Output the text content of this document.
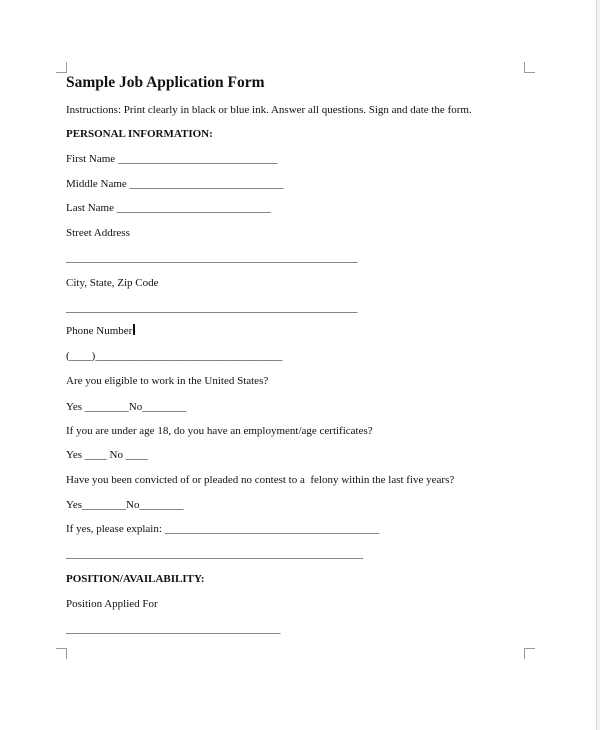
Sample Job Application Form
Instructions: Print clearly in black or blue ink. Answer all questions. Sign and date the form.
PERSONAL INFORMATION:
First Name _____________________________
Middle Name ____________________________
Last Name ____________________________
Street Address
_____________________________________________________
City, State, Zip Code
_____________________________________________________
Phone Number
(____)__________________________________
Are you eligible to work in the United States?
Yes ________No________
If you are under age 18, do you have an employment/age certificates?
Yes ____ No ____
Have you been convicted of or pleaded no contest to a  felony within the last five years?
Yes________No________
If yes, please explain: _______________________________________
______________________________________________________
POSITION/AVAILABILITY:
Position Applied For
_______________________________________
